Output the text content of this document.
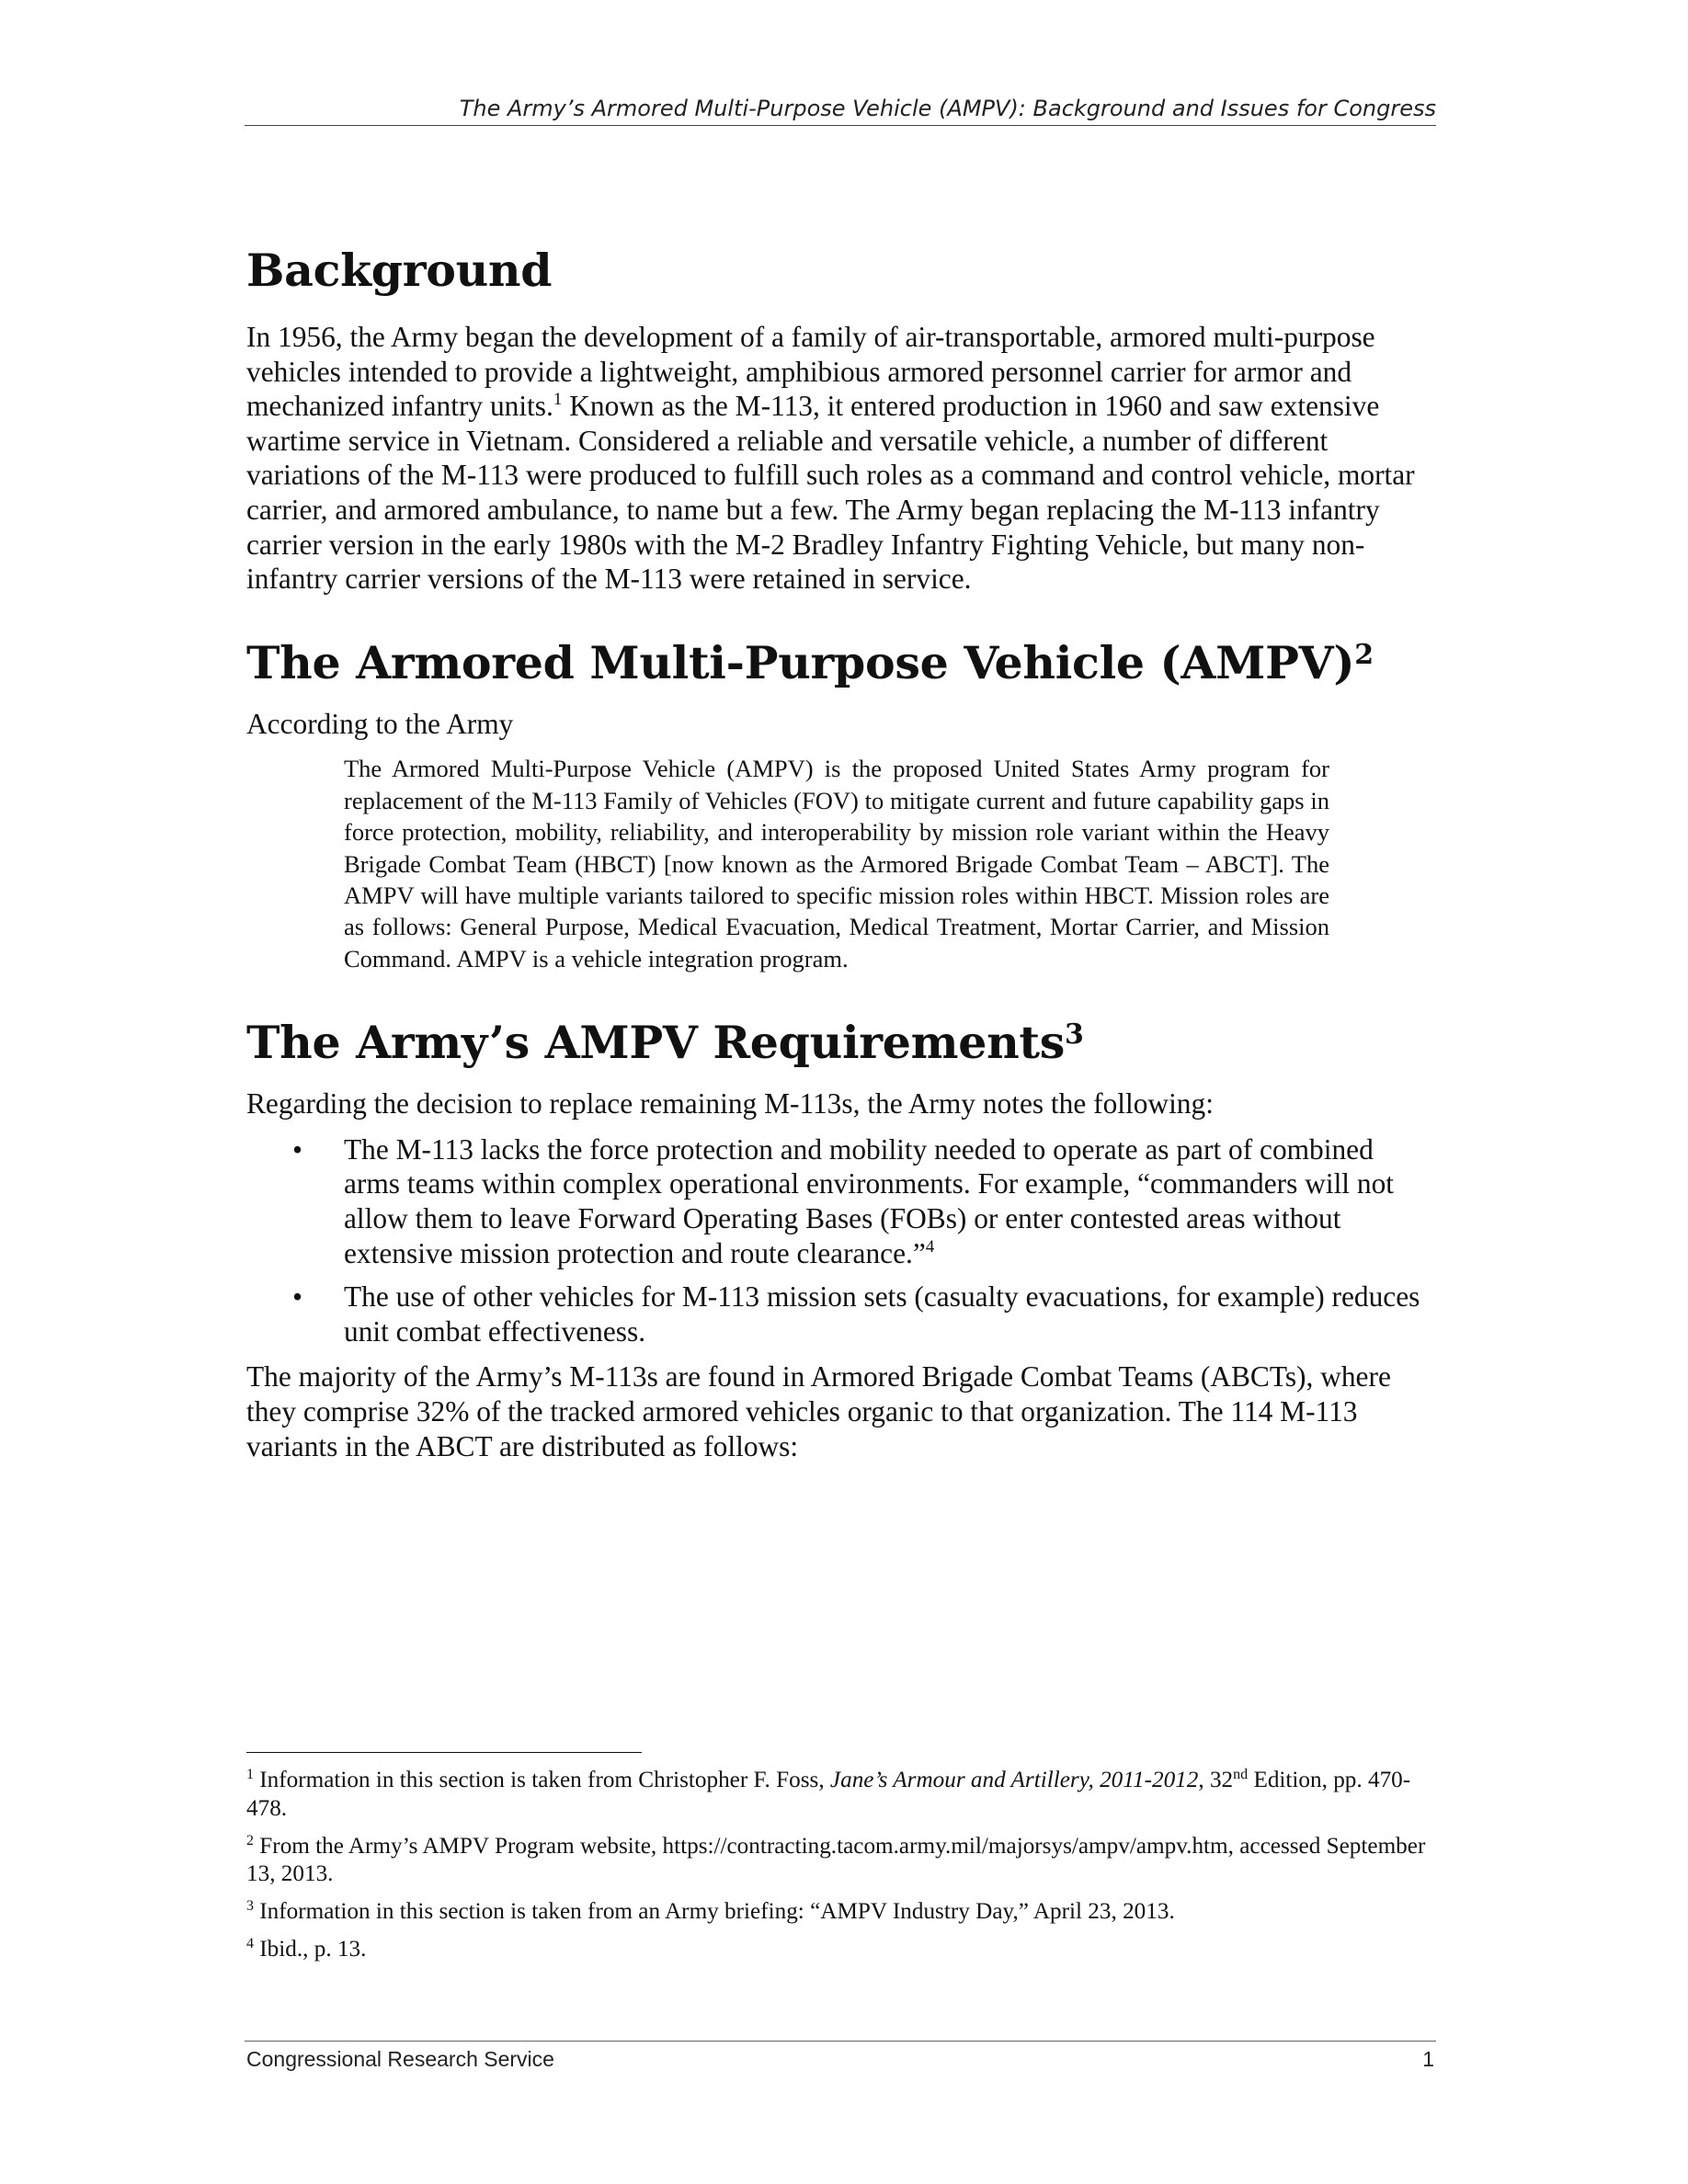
The Army’s Armored Multi-Purpose Vehicle (AMPV): Background and Issues for Congress
Background

In 1956, the Army began the development of a family of air-transportable, armored multi-purpose vehicles intended to provide a lightweight, amphibious armored personnel carrier for armor and mechanized infantry units.$^1$ Known as the M-113, it entered production in 1960 and saw extensive wartime service in Vietnam. Considered a reliable and versatile vehicle, a number of different variations of the M-113 were produced to fulfill such roles as a command and control vehicle, mortar carrier, and armored ambulance, to name but a few. The Army began replacing the M-113 infantry carrier version in the early 1980s with the M-2 Bradley Infantry Fighting Vehicle, but many non-infantry carrier versions of the M-113 were retained in service.

The Armored Multi-Purpose Vehicle (AMPV)$^2$

According to the Army

The Armored Multi-Purpose Vehicle (AMPV) is the proposed United States Army program for replacement of the M-113 Family of Vehicles (FOV) to mitigate current and future capability gaps in force protection, mobility, reliability, and interoperability by mission role variant within the Heavy Brigade Combat Team (HBCT) [now known as the Armored Brigade Combat Team – ABCT]. The AMPV will have multiple variants tailored to specific mission roles within HBCT. Mission roles are as follows: General Purpose, Medical Evacuation, Medical Treatment, Mortar Carrier, and Mission Command. AMPV is a vehicle integration program.

The Army’s AMPV Requirements$^3$

Regarding the decision to replace remaining M-113s, the Army notes the following:

• The M-113 lacks the force protection and mobility needed to operate as part of combined arms teams within complex operational environments. For example, “commanders will not allow them to leave Forward Operating Bases (FOBs) or enter contested areas without extensive mission protection and route clearance.”$^4$
• The use of other vehicles for M-113 mission sets (casualty evacuations, for example) reduces unit combat effectiveness.

The majority of the Army’s M-113s are found in Armored Brigade Combat Teams (ABCTs), where they comprise 32% of the tracked armored vehicles organic to that organization. The 114 M-113 variants in the ABCT are distributed as follows:

$^1$ Information in this section is taken from Christopher F. Foss, Jane’s Armour and Artillery, 2011-2012, 32nd Edition, pp. 470-478.
$^2$ From the Army’s AMPV Program website, https://contracting.tacom.army.mil/majorsys/ampv/ampv.htm, accessed September 13, 2013.
$^3$ Information in this section is taken from an Army briefing: “AMPV Industry Day,” April 23, 2013.
$^4$ Ibid., p. 13.
Congressional Research Service	1
